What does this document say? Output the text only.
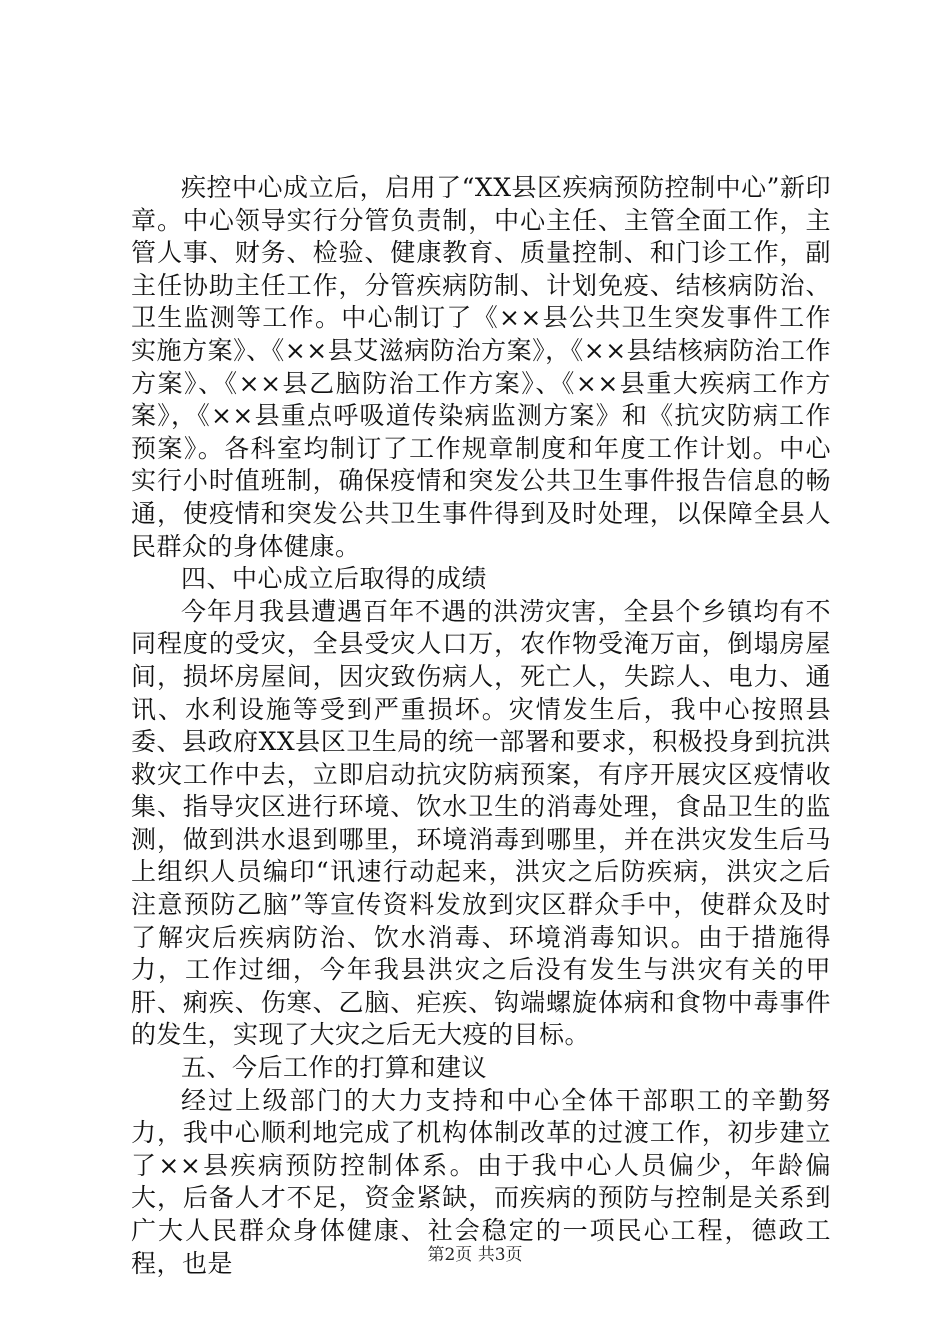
疾控中心成立后，启用了“XX县区疾病预防控制中心”新印章。中心领导实行分管负责制，中心主任、主管全面工作，主管人事、财务、检验、健康教育、质量控制、和门诊工作，副主任协助主任工作，分管疾病防制、计划免疫、结核病防治、卫生监测等工作。中心制订了《××县公共卫生突发事件工作实施方案》、《××县艾滋病防治方案》，《××县结核病防治工作方案》、《××县乙脑防治工作方案》、《××县重大疾病工作方案》，《××县重点呼吸道传染病监测方案》和《抗灾防病工作预案》。各科室均制订了工作规章制度和年度工作计划。中心实行小时值班制，确保疫情和突发公共卫生事件报告信息的畅通，使疫情和突发公共卫生事件得到及时处理，以保障全县人民群众的身体健康。

四、中心成立后取得的成绩

今年月我县遭遇百年不遇的洪涝灾害，全县个乡镇均有不同程度的受灾，全县受灾人口万，农作物受淹万亩，倒塌房屋间，损坏房屋间，因灾致伤病人，死亡人，失踪人、电力、通讯、水利设施等受到严重损坏。灾情发生后，我中心按照县委、县政府XX县区卫生局的统一部署和要求，积极投身到抗洪救灾工作中去，立即启动抗灾防病预案，有序开展灾区疫情收集、指导灾区进行环境、饮水卫生的消毒处理，食品卫生的监测，做到洪水退到哪里，环境消毒到哪里，并在洪灾发生后马上组织人员编印“讯速行动起来，洪灾之后防疾病，洪灾之后注意预防乙脑”等宣传资料发放到灾区群众手中，使群众及时了解灾后疾病防治、饮水消毒、环境消毒知识。由于措施得力，工作过细，今年我县洪灾之后没有发生与洪灾有关的甲肝、痢疾、伤寒、乙脑、疟疾、钩端螺旋体病和食物中毒事件的发生，实现了大灾之后无大疫的目标。

五、今后工作的打算和建议

经过上级部门的大力支持和中心全体干部职工的辛勤努力，我中心顺利地完成了机构体制改革的过渡工作，初步建立了××县疾病预防控制体系。由于我中心人员偏少，年龄偏大，后备人才不足，资金紧缺，而疾病的预防与控制是关系到广大人民群众身体健康、社会稳定的一项民心工程，德政工程，也是	第2页 共3页
